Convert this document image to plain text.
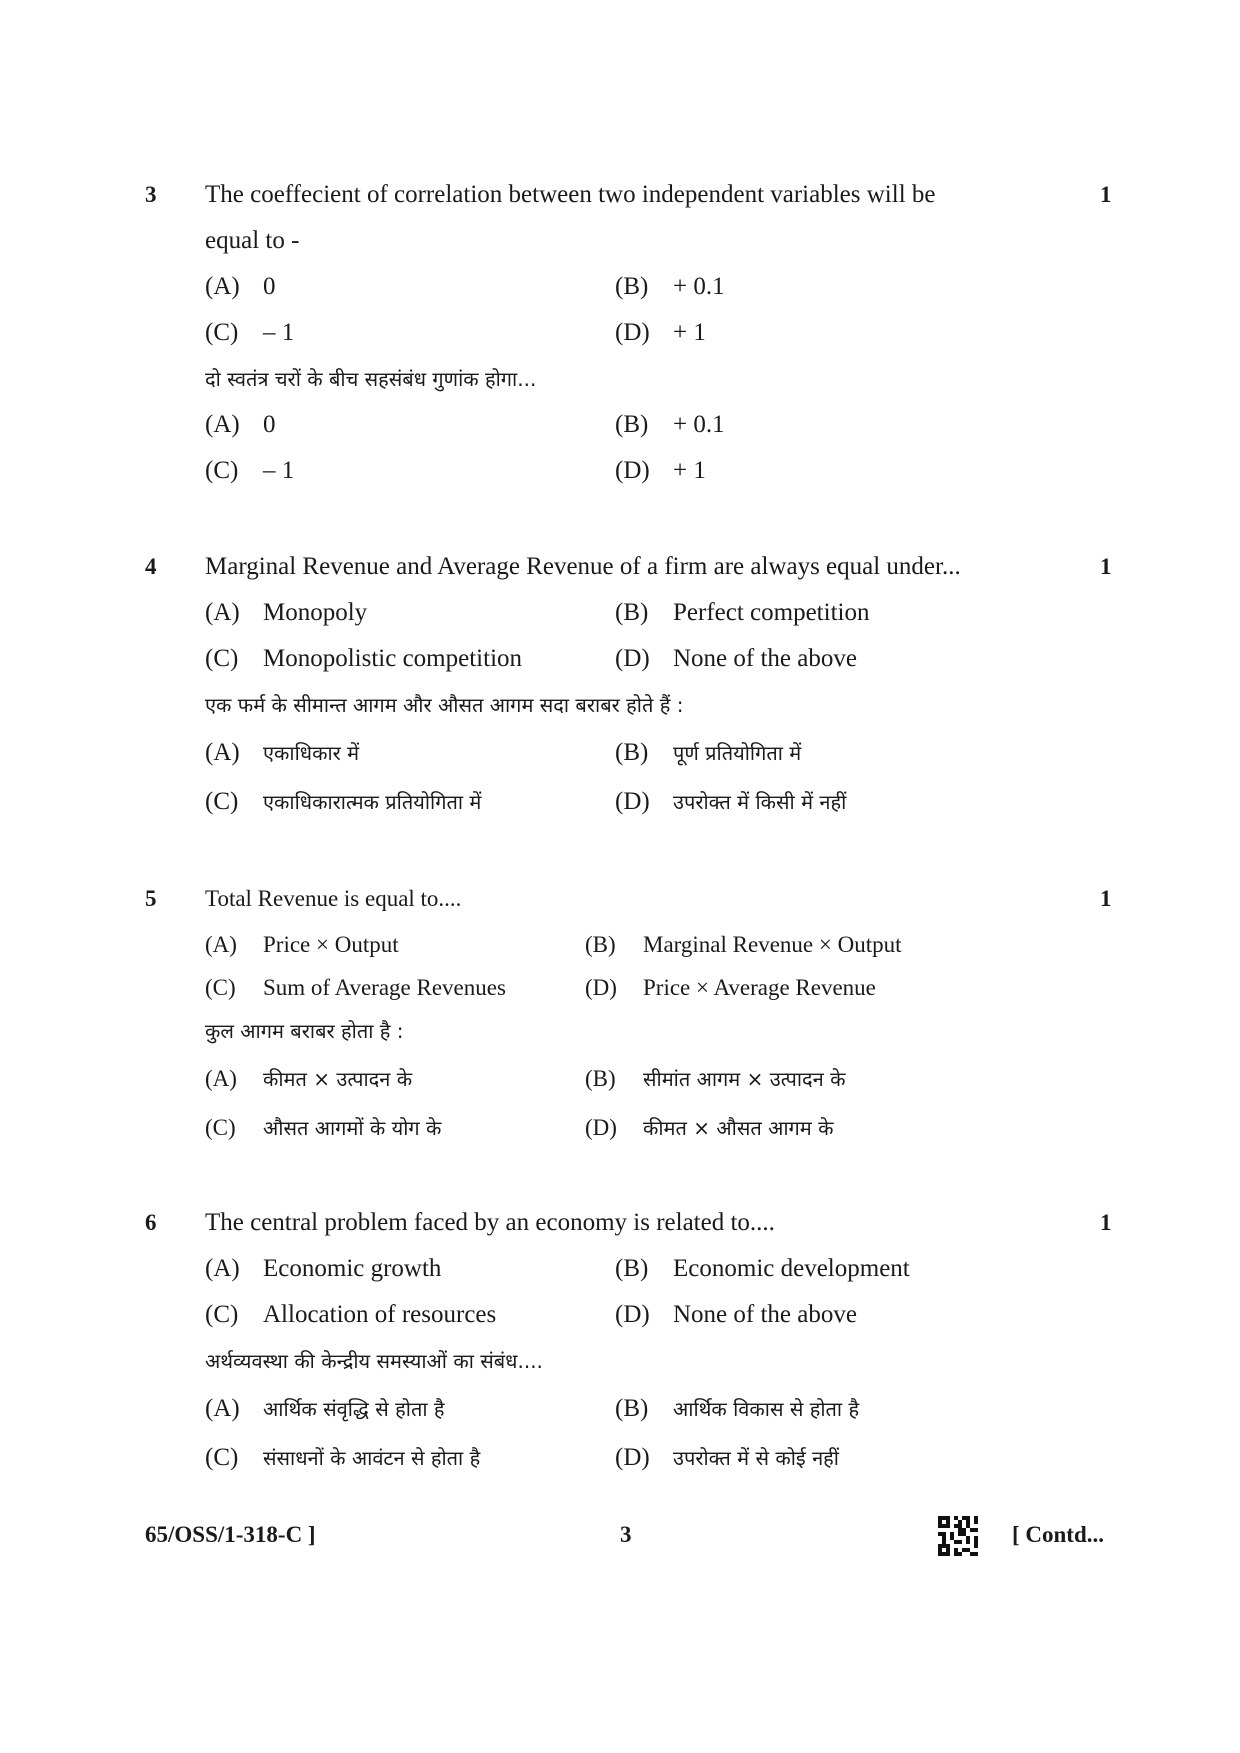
3 The coeffecient of correlation between two independent variables will be
equal to -
1
(A) 0	(B) + 0.1
(C) – 1	(D) + 1
दो स्वतंत्र चरों के बीच सहसंबंध गुणांक होगा...
(A) 0	(B) + 0.1
(C) – 1	(D) + 1
4 Marginal Revenue and Average Revenue of a firm are always equal under...	1
(A) Monopoly	(B) Perfect competition
(C) Monopolistic competition	(D) None of the above
एक फर्म के सीमान्त आगम और औसत आगम सदा बराबर होते हैं :
(A) एकाधिकार में	(B) पूर्ण प्रतियोगिता में
(C) एकाधिकारात्मक प्रतियोगिता में	(D) उपरोक्त में किसी में नहीं
5 Total Revenue is equal to....	1
(A) Price × Output	(B) Marginal Revenue × Output
(C) Sum of Average Revenues	(D) Price × Average Revenue
कुल आगम बराबर होता है :
(A) कीमत × उत्पादन के	(B) सीमांत आगम × उत्पादन के
(C) औसत आगमों के योग के	(D) कीमत × औसत आगम के
6 The central problem faced by an economy is related to....	1
(A) Economic growth	(B) Economic development
(C) Allocation of resources	(D) None of the above
अर्थव्यवस्था की केन्द्रीय समस्याओं का संबंध....
(A) आर्थिक संवृद्धि से होता है	(B) आर्थिक विकास से होता है
(C) संसाधनों के आवंटन से होता है	(D) उपरोक्त में से कोई नहीं
65/OSS/1-318-C ]	3	[ Contd...
